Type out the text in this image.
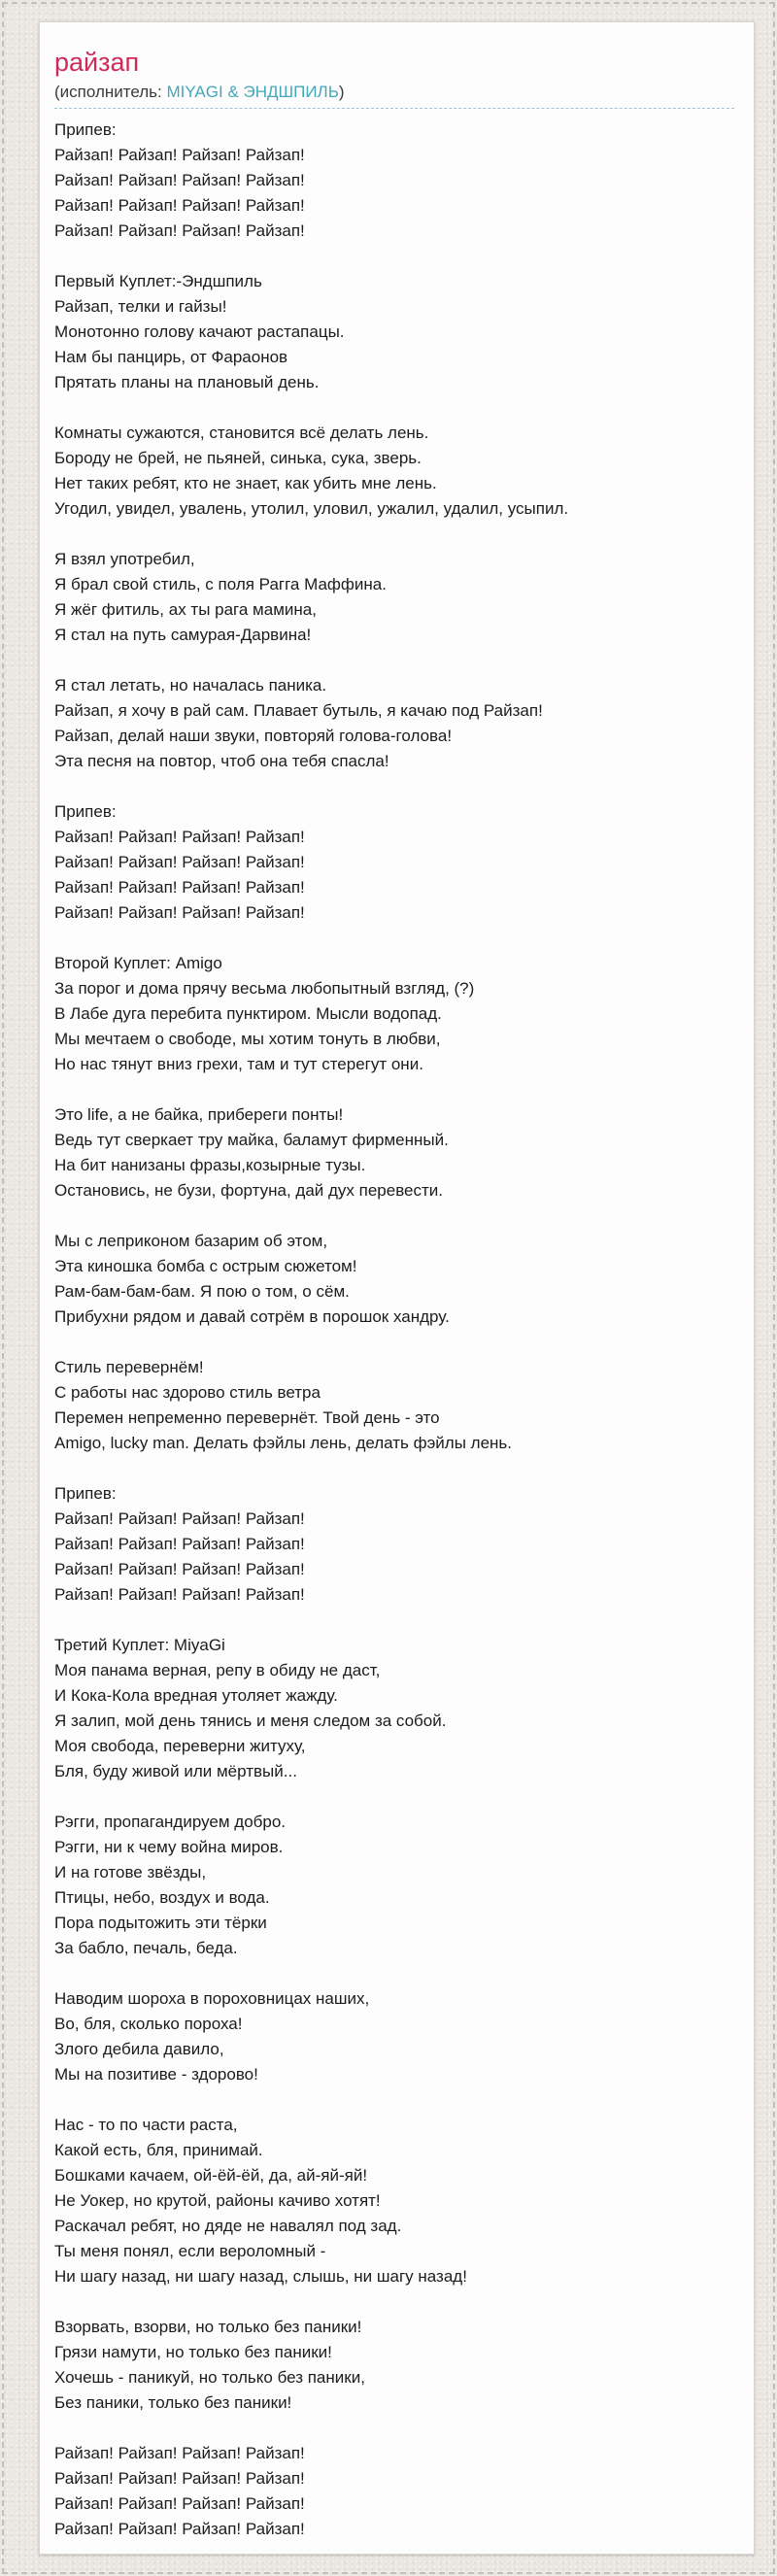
райзап
(исполнитель: MIYAGI & ЭНДШПИЛЬ)

Припев:
Райзап! Райзап! Райзап! Райзап!
Райзап! Райзап! Райзап! Райзап!
Райзап! Райзап! Райзап! Райзап!
Райзап! Райзап! Райзап! Райзап!

Первый Куплет:-Эндшпиль
Райзап, телки и гайзы!
Монотонно голову качают растапацы.
Нам бы панцирь, от Фараонов
Прятать планы на плановый день.

Комнаты сужаются, становится всё делать лень.
Бороду не брей, не пьяней, синька, сука, зверь.
Нет таких ребят, кто не знает, как убить мне лень.
Угодил, увидел, увалень, утолил, уловил, ужалил, удалил, усыпил.

Я взял употребил,
Я брал свой стиль, с поля Рагга Маффина.
Я жёг фитиль, ах ты рага мамина,
Я стал на путь самурая-Дарвина!

Я стал летать, но началась паника.
Райзап, я хочу в рай сам. Плавает бутыль, я качаю под Райзап!
Райзап, делай наши звуки, повторяй голова-голова!
Эта песня на повтор, чтоб она тебя спасла!

Припев:
Райзап! Райзап! Райзап! Райзап!
Райзап! Райзап! Райзап! Райзап!
Райзап! Райзап! Райзап! Райзап!
Райзап! Райзап! Райзап! Райзап!

Второй Куплет: Amigo
За порог и дома прячу весьма любопытный взгляд, (?)
В Лабе дуга перебита пунктиром. Мысли водопад.
Мы мечтаем о свободе, мы хотим тонуть в любви,
Но нас тянут вниз грехи, там и тут стерегут они.

Это life, а не байка, прибереги понты!
Ведь тут сверкает тру майка, баламут фирменный.
На бит нанизаны фразы,козырные тузы.
Остановись, не бузи, фортуна, дай дух перевести.

Мы с леприконом базарим об этом,
Эта киношка бомба с острым сюжетом!
Рам-бам-бам-бам. Я пою о том, о сём.
Прибухни рядом и давай сотрём в порошок хандру.

Стиль перевернём!
С работы нас здорово стиль ветра
Перемен непременно перевернёт. Твой день - это
Amigo, lucky man. Делать фэйлы лень, делать фэйлы лень.

Припев:
Райзап! Райзап! Райзап! Райзап!
Райзап! Райзап! Райзап! Райзап!
Райзап! Райзап! Райзап! Райзап!
Райзап! Райзап! Райзап! Райзап!

Третий Куплет: MiyaGi
Моя панама верная, репу в обиду не даст,
И Кока-Кола вредная утоляет жажду.
Я залип, мой день тянись и меня следом за собой.
Моя свобода, переверни житуху,
Бля, буду живой или мёртвый...

Рэгги, пропагандируем добро.
Рэгги, ни к чему война миров.
И на готове звёзды,
Птицы, небо, воздух и вода.
Пора подытожить эти тёрки
За бабло, печаль, беда.

Наводим шороха в пороховницах наших,
Во, бля, сколько пороха!
Злого дебила давило,
Мы на позитиве - здорово!

Нас - то по части раста,
Какой есть, бля, принимай.
Бошками качаем, ой-ёй-ёй, да, ай-яй-яй!
Не Уокер, но крутой, районы качиво хотят!
Раскачал ребят, но дяде не навалял под зад.
Ты меня понял, если вероломный -
Ни шагу назад, ни шагу назад, слышь, ни шагу назад!

Взорвать, взорви, но только без паники!
Грязи намути, но только без паники!
Хочешь - паникуй, но только без паники,
Без паники, только без паники!

Райзап! Райзап! Райзап! Райзап!
Райзап! Райзап! Райзап! Райзап!
Райзап! Райзап! Райзап! Райзап!
Райзап! Райзап! Райзап! Райзап!
